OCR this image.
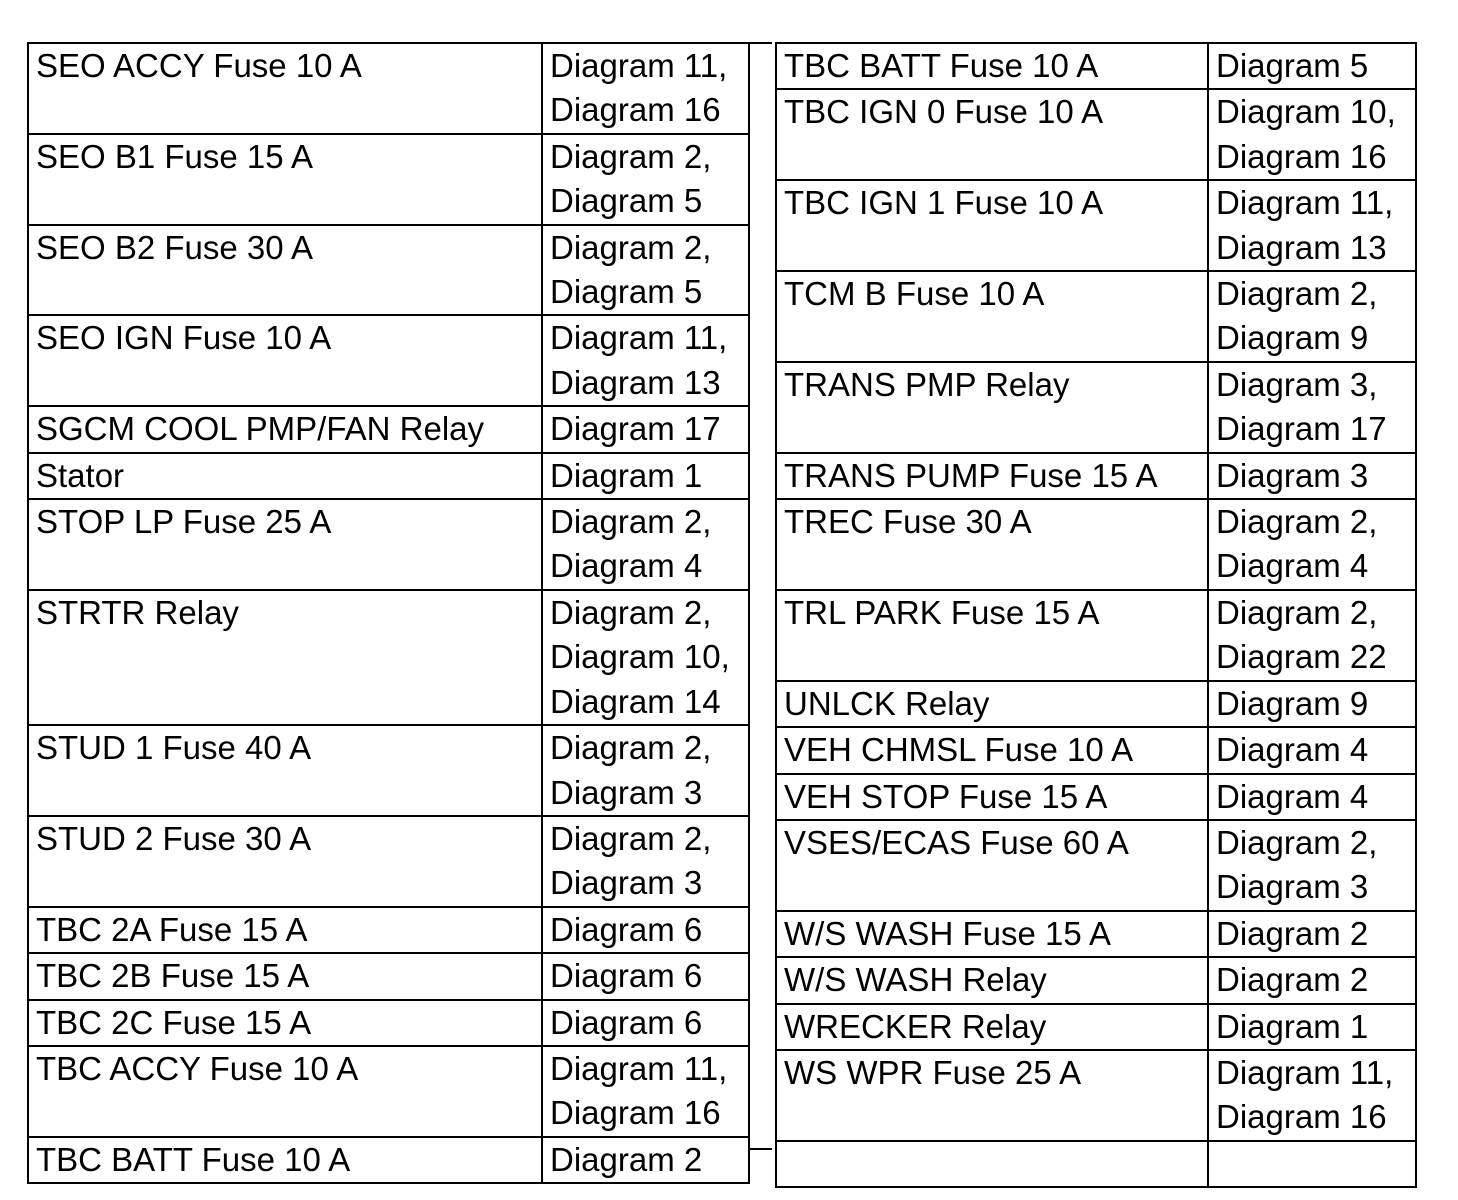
SEO ACCY Fuse 10 A	Diagram 11,
Diagram 16

SEO B1 Fuse 15 A	Diagram 2,
Diagram 5

SEO B2 Fuse 30 A	Diagram 2,
Diagram 5

SEO IGN Fuse 10 A	Diagram 11,
Diagram 13

SGCM COOL PMP/FAN Relay	Diagram 17

Stator	Diagram 1

STOP LP Fuse 25 A	Diagram 2,
Diagram 4

STRTR Relay	Diagram 2,
Diagram 10,
Diagram 14

STUD 1 Fuse 40 A	Diagram 2,
Diagram 3

STUD 2 Fuse 30 A	Diagram 2,
Diagram 3

TBC 2A Fuse 15 A	Diagram 6

TBC 2B Fuse 15 A	Diagram 6

TBC 2C Fuse 15 A	Diagram 6

TBC ACCY Fuse 10 A	Diagram 11,
Diagram 16

TBC BATT Fuse 10 A	Diagram 2
TBC BATT Fuse 10 A	Diagram 5

TBC IGN 0 Fuse 10 A	Diagram 10,
Diagram 16

TBC IGN 1 Fuse 10 A	Diagram 11,
Diagram 13

TCM B Fuse 10 A	Diagram 2,
Diagram 9

TRANS PMP Relay	Diagram 3,
Diagram 17

TRANS PUMP Fuse 15 A	Diagram 3

TREC Fuse 30 A	Diagram 2,
Diagram 4

TRL PARK Fuse 15 A	Diagram 2,
Diagram 22

UNLCK Relay	Diagram 9

VEH CHMSL Fuse 10 A	Diagram 4

VEH STOP Fuse 15 A	Diagram 4

VSES/ECAS Fuse 60 A	Diagram 2,
Diagram 3

W/S WASH Fuse 15 A	Diagram 2

W/S WASH Relay	Diagram 2

WRECKER Relay	Diagram 1

WS WPR Fuse 25 A	Diagram 11,
Diagram 16
